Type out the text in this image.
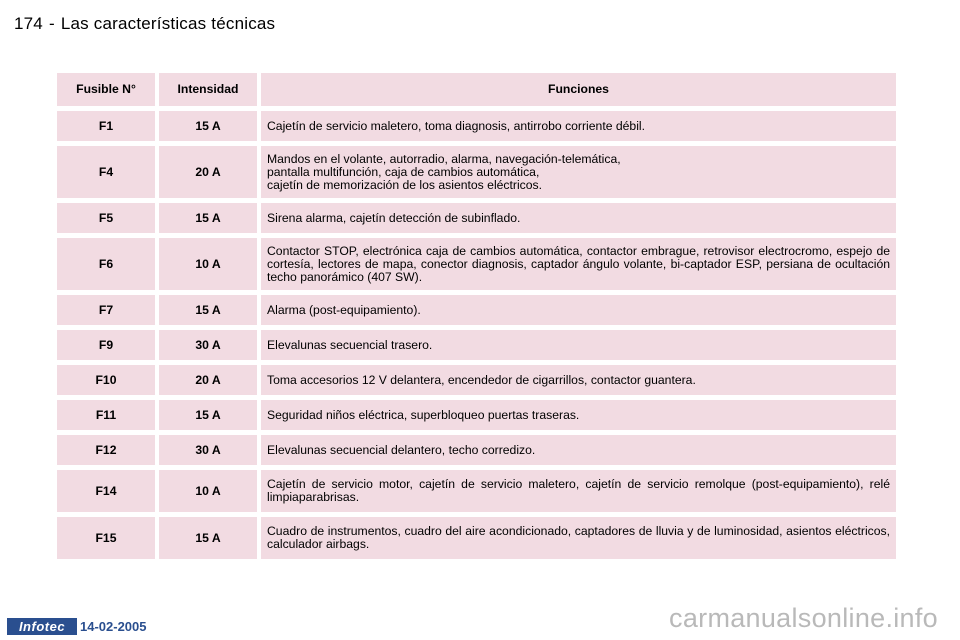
174 - Las características técnicas
Fusible N°	Intensidad	Funciones
F1	15 A	Cajetín de servicio maletero, toma diagnosis, antirrobo corriente débil.
F4	20 A	Mandos en el volante, autorradio, alarma, navegación-telemática,
pantalla multifunción, caja de cambios automática,
cajetín de memorización de los asientos eléctricos.
F5	15 A	Sirena alarma, cajetín detección de subinflado.
F6	10 A	Contactor STOP, electrónica caja de cambios automática, contactor embrague, retrovisor electrocromo, espejo de cortesía, lectores de mapa, conector diagnosis, captador ángulo volante, bi-captador ESP, persiana de ocultación techo panorámico (407 SW).
F7	15 A	Alarma (post-equipamiento).
F9	30 A	Elevalunas secuencial trasero.
F10	20 A	Toma accesorios 12 V delantera, encendedor de cigarrillos, contactor guantera.
F11	15 A	Seguridad niños eléctrica, superbloqueo puertas traseras.
F12	30 A	Elevalunas secuencial delantero, techo corredizo.
F14	10 A	Cajetín de servicio motor, cajetín de servicio maletero, cajetín de servicio remolque (post-equipamiento), relé limpiaparabrisas.
F15	15 A	Cuadro de instrumentos, cuadro del aire acondicionado, captadores de lluvia y de luminosidad, asientos eléctricos, calculador airbags.
Infotec	14-02-2005	carmanualsonline.info
